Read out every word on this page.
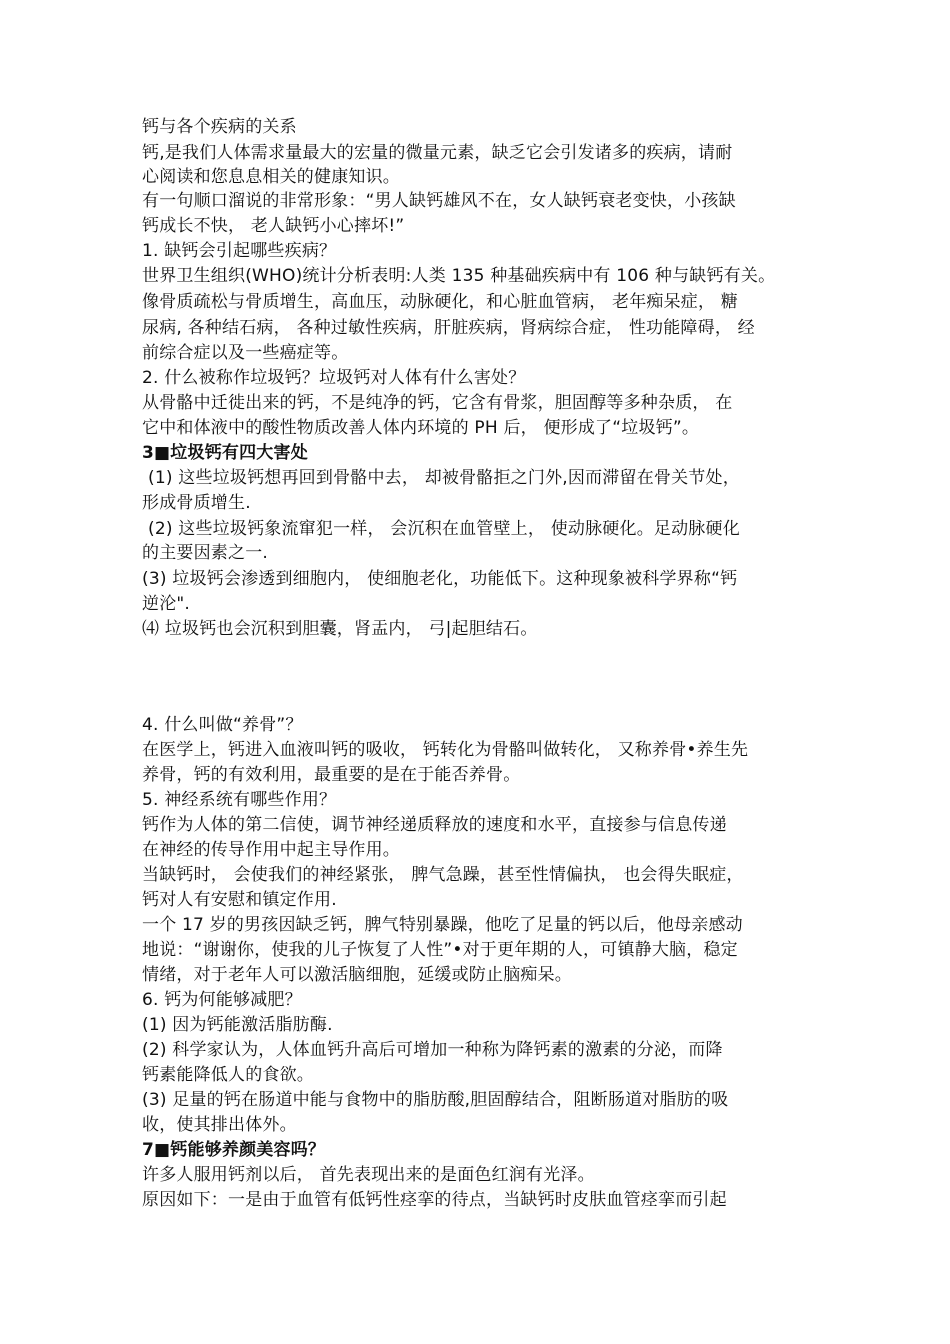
钙与各个疾病的关系
钙,是我们人体需求量最大的宏量的微量元素，缺乏它会引发诸多的疾病，请耐
心阅读和您息息相关的健康知识。
有一句顺口溜说的非常形象：“男人缺钙雄风不在，女人缺钙衰老变快，小孩缺
钙成长不快， 老人缺钙小心摔坏!”
1. 缺钙会引起哪些疾病？
世界卫生组织(WHO)统计分析表明:人类 135 种基础疾病中有 106 种与缺钙有关。
像骨质疏松与骨质增生，高血压，动脉硬化，和心脏血管病， 老年痴呆症， 糖
尿病, 各种结石病， 各种过敏性疾病，肝脏疾病，肾病综合症， 性功能障碍， 经
前综合症以及一些癌症等。
2. 什么被称作垃圾钙？垃圾钙对人体有什么害处？
从骨骼中迁徙出来的钙，不是纯净的钙，它含有骨浆，胆固醇等多种杂质， 在
它中和体液中的酸性物质改善人体内环境的 PH 后， 便形成了“垃圾钙”。
3■垃圾钙有四大害处
(1) 这些垃圾钙想再回到骨骼中去， 却被骨骼拒之门外,因而滞留在骨关节处，
形成骨质增生.
(2) 这些垃圾钙象流窜犯一样， 会沉积在血管壁上， 使动脉硬化。足动脉硬化
的主要因素之一.
(3) 垃圾钙会渗透到细胞内， 使细胞老化，功能低下。这种现象被科学界称“钙
逆沦".
⑷ 垃圾钙也会沉积到胆囊，肾盂内， 弓|起胆结石。
4. 什么叫做“养骨”？
在医学上，钙进入血液叫钙的吸收， 钙转化为骨骼叫做转化， 又称养骨•养生先
养骨，钙的有效利用，最重要的是在于能否养骨。
5. 神经系统有哪些作用？
钙作为人体的第二信使，调节神经递质释放的速度和水平，直接参与信息传递
在神经的传导作用中起主导作用。
当缺钙时， 会使我们的神经紧张， 脾气急躁，甚至性情偏执， 也会得失眠症，
钙对人有安慰和镇定作用.
一个 17 岁的男孩因缺乏钙，脾气特别暴躁，他吃了足量的钙以后，他母亲感动
地说：“谢谢你，使我的儿子恢复了人性”•对于更年期的人，可镇静大脑，稳定
情绪，对于老年人可以激活脑细胞，延缓或防止脑痴呆。
6. 钙为何能够减肥？
(1) 因为钙能激活脂肪酶.
(2) 科学家认为，人体血钙升高后可增加一种称为降钙素的激素的分泌，而降
钙素能降低人的食欲。
(3) 足量的钙在肠道中能与食物中的脂肪酸,胆固醇结合，阻断肠道对脂肪的吸
收，使其排出体外。
7■钙能够养颜美容吗？
许多人服用钙剂以后， 首先表现出来的是面色红润有光泽。
原因如下：一是由于血管有低钙性痉挛的待点，当缺钙时皮肤血管痉挛而引起
